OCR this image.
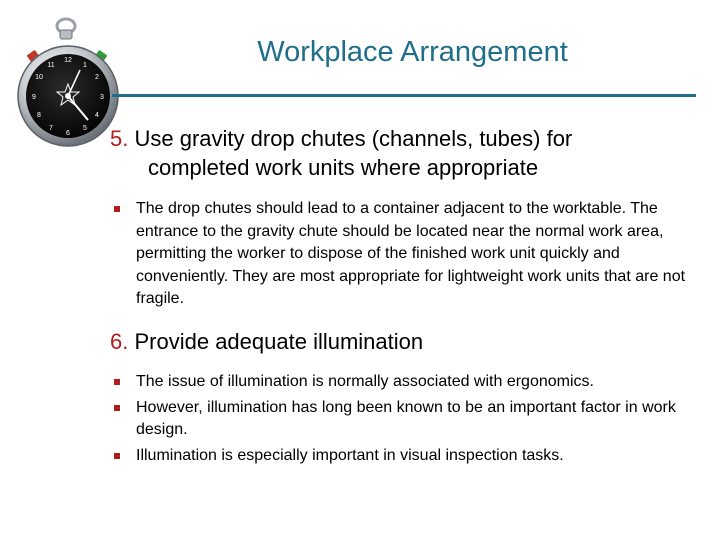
12
1
2
3
4
5
6
7
8
9
10
11	Workplace Arrangement
5. Use gravity drop chutes (channels, tubes) for
completed work units where appropriate
The drop chutes should lead to a container adjacent to the worktable. The entrance to the gravity chute should be located near the normal work area, permitting the worker to dispose of the finished work unit quickly and conveniently. They are most appropriate for lightweight work units that are not fragile.
6. Provide adequate illumination
The issue of illumination is normally associated with ergonomics.
However, illumination has long been known to be an important factor in work design.
Illumination is especially important in visual inspection tasks.
